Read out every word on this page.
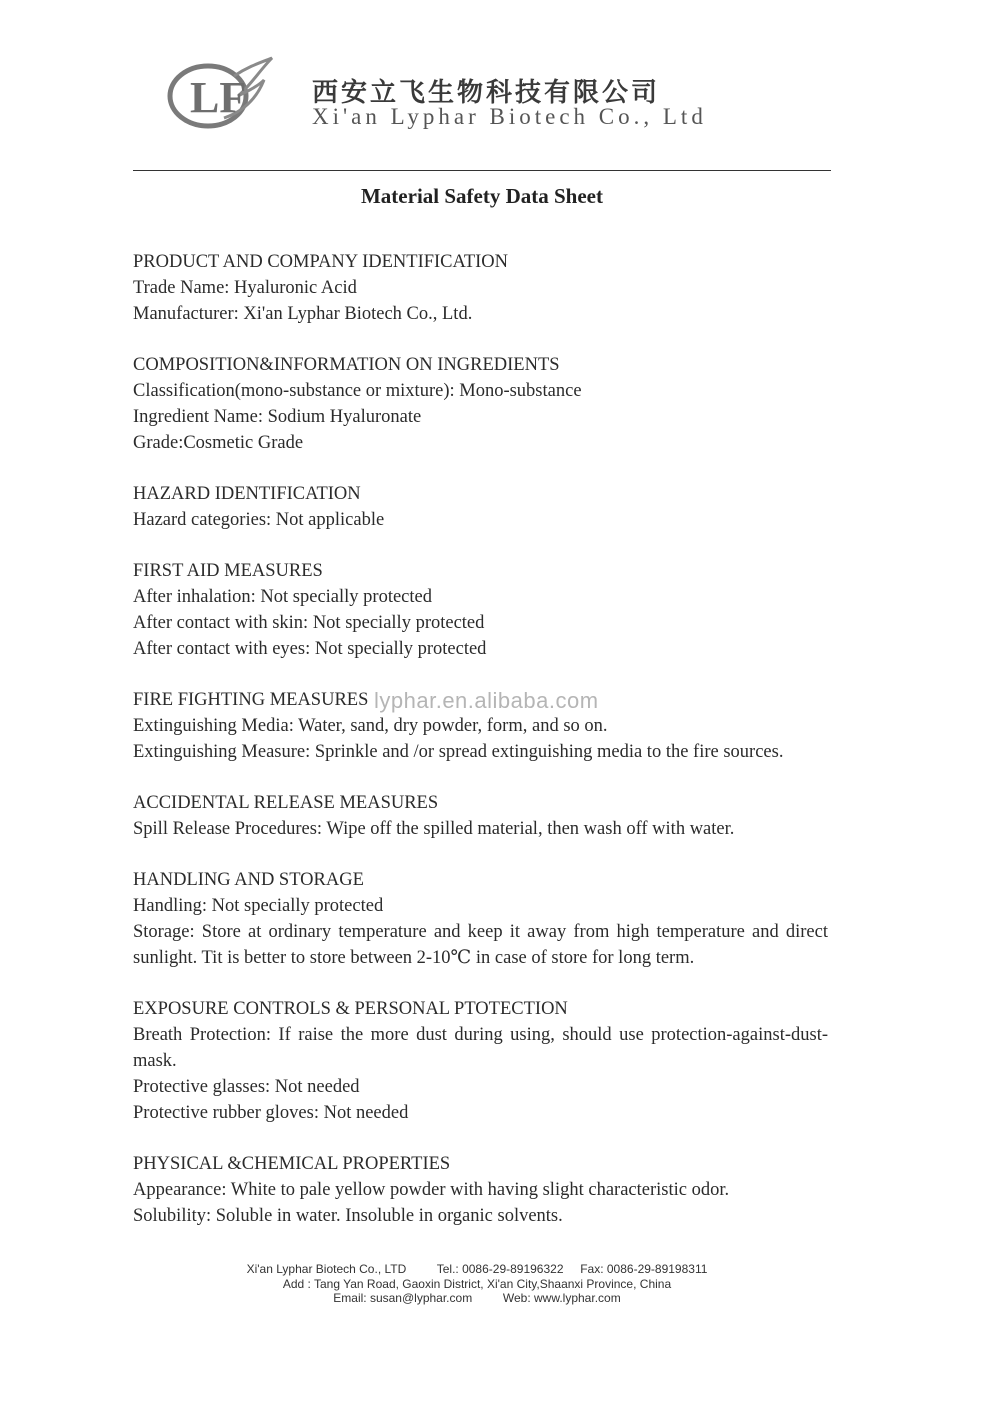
LF	西安立飞生物科技有限公司
Xi'an Lyphar Biotech Co., Ltd
Material Safety Data Sheet
PRODUCT AND COMPANY IDENTIFICATION
Trade Name: Hyaluronic Acid
Manufacturer: Xi'an Lyphar Biotech Co., Ltd.
COMPOSITION&INFORMATION ON INGREDIENTS
Classification(mono-substance or mixture): Mono-substance
Ingredient Name: Sodium Hyaluronate
Grade:Cosmetic Grade
HAZARD IDENTIFICATION
Hazard categories: Not applicable
FIRST AID MEASURES
After inhalation: Not specially protected
After contact with skin: Not specially protected
After contact with eyes: Not specially protected
FIRE FIGHTING MEASURES
Extinguishing Media: Water, sand, dry powder, form, and so on.
Extinguishing Measure: Sprinkle and /or spread extinguishing media to the fire sources.
ACCIDENTAL RELEASE MEASURES
Spill Release Procedures: Wipe off the spilled material, then wash off with water.
HANDLING AND STORAGE
Handling: Not specially protected
Storage: Store at ordinary temperature and keep it away from high temperature and direct sunlight. Tit is better to store between 2-10℃ in case of store for long term.
EXPOSURE CONTROLS & PERSONAL PTOTECTION
Breath Protection: If raise the more dust during using, should use protection-against-dust-mask.
Protective glasses: Not needed
Protective rubber gloves: Not needed
PHYSICAL &CHEMICAL PROPERTIES
Appearance: White to pale yellow powder with having slight characteristic odor.
Solubility: Soluble in water. Insoluble in organic solvents.
lyphar.en.alibaba.com
Xi'an Lyphar Biotech Co., LTD	Tel.: 0086-29-89196322 Fax: 0086-29-89198311
Add : Tang Yan Road, Gaoxin District, Xi'an City,Shaanxi Province, China
Email: susan@lyphar.com	Web: www.lyphar.com
